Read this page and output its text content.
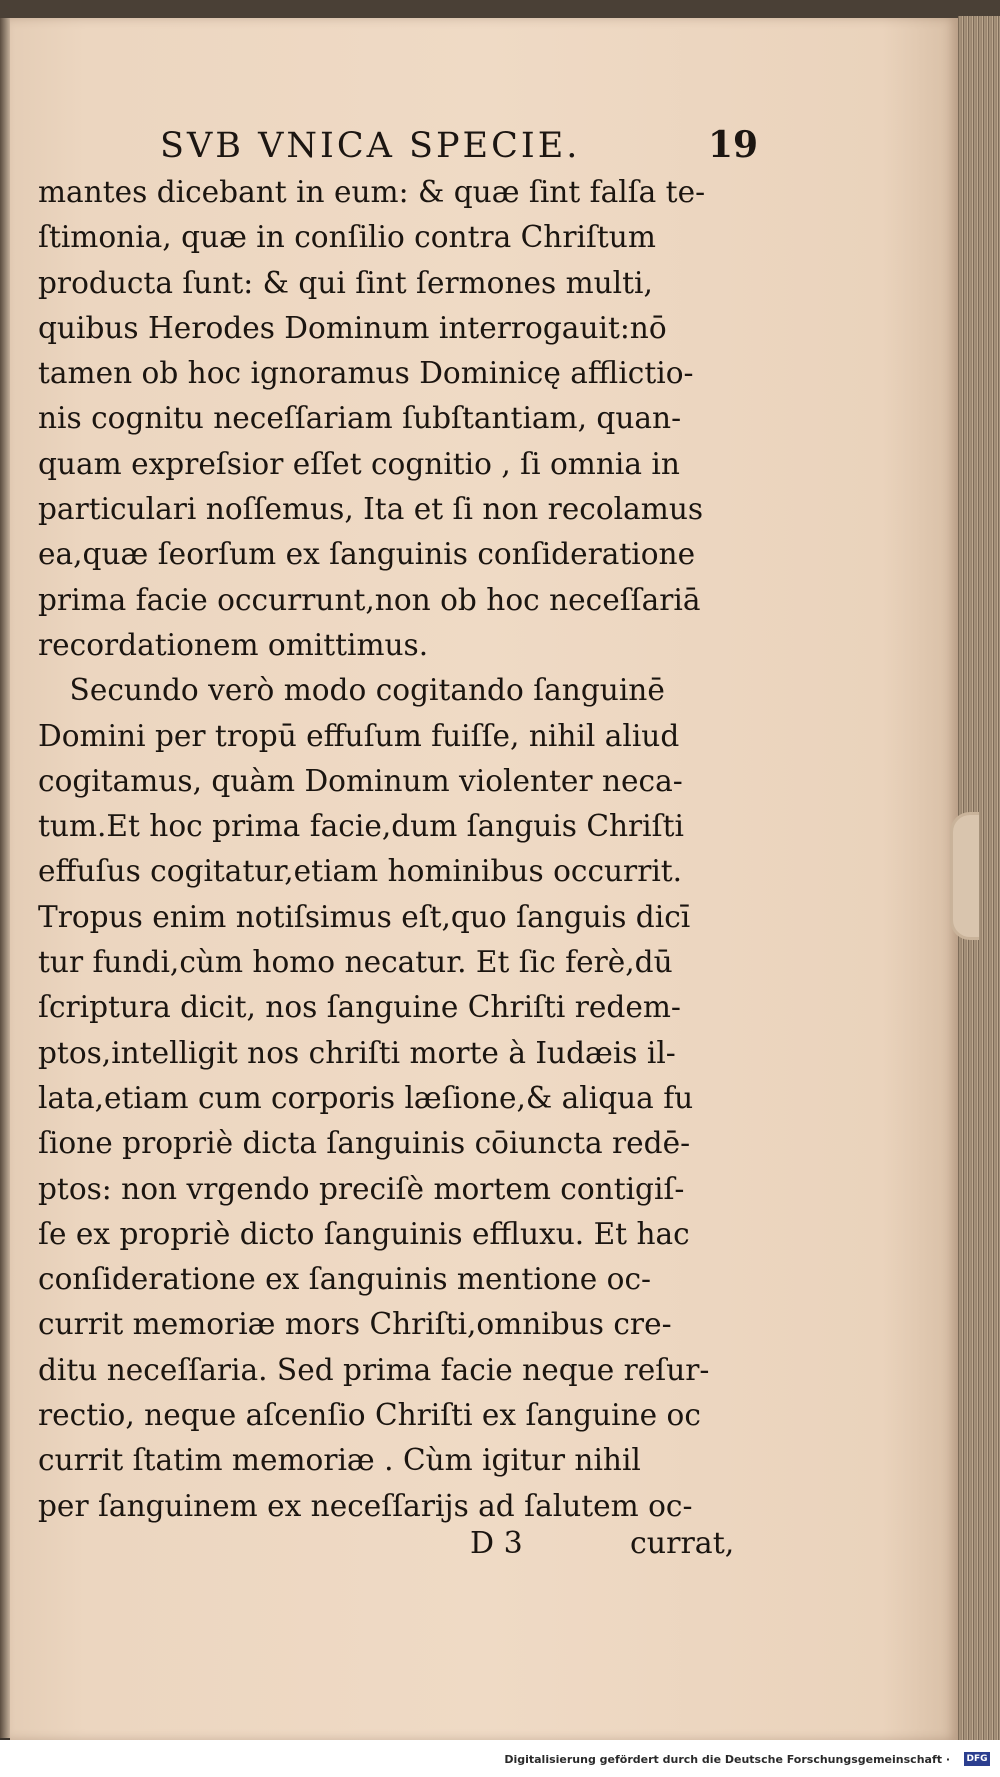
SVB VNICA SPECIE.	19
mantes dicebant in eum: & quæ ſint falſa te-
ſtimonia, quæ in conſilio contra Chriſtum
producta ſunt: & qui ſint ſermones multi,
quibus Herodes Dominum interrogauit:nō
tamen ob hoc ignoramus Dominicę afflictio-
nis cognitu neceſſariam ſubſtantiam, quan-
quam expreſsior eſſet cognitio , ſi omnia in
particulari noſſemus, Ita et ſi non recolamus
ea,quæ ſeorſum ex ſanguinis conſideratione
prima facie occurrunt,non ob hoc neceſſariā
recordationem omittimus.
Secundo verò modo cogitando ſanguinē
Domini per tropū effuſum fuiſſe, nihil aliud
cogitamus, quàm Dominum violenter neca-
tum.Et hoc prima facie,dum ſanguis Chriſti
effuſus cogitatur,etiam hominibus occurrit.
Tropus enim notiſsimus eſt,quo ſanguis dicī
tur fundi,cùm homo necatur. Et ſic ferè,dū
ſcriptura dicit, nos ſanguine Chriſti redem-
ptos,intelligit nos chriſti morte à Iudæis il-
lata,etiam cum corporis læſione,& aliqua fu
ſione propriè dicta ſanguinis cōiuncta redē-
ptos: non vrgendo preciſè mortem contigiſ-
ſe ex propriè dicto ſanguinis effluxu. Et hac
conſideratione ex ſanguinis mentione oc-
currit memoriæ mors Chriſti,omnibus cre-
ditu neceſſaria. Sed prima facie neque reſur-
rectio, neque aſcenſio Chriſti ex ſanguine oc
currit ſtatim memoriæ . Cùm igitur nihil
per ſanguinem ex neceſſarijs ad ſalutem oc-
D 3	currat,
Digitalisierung gefördert durch die Deutsche Forschungsgemeinschaft · DFG
